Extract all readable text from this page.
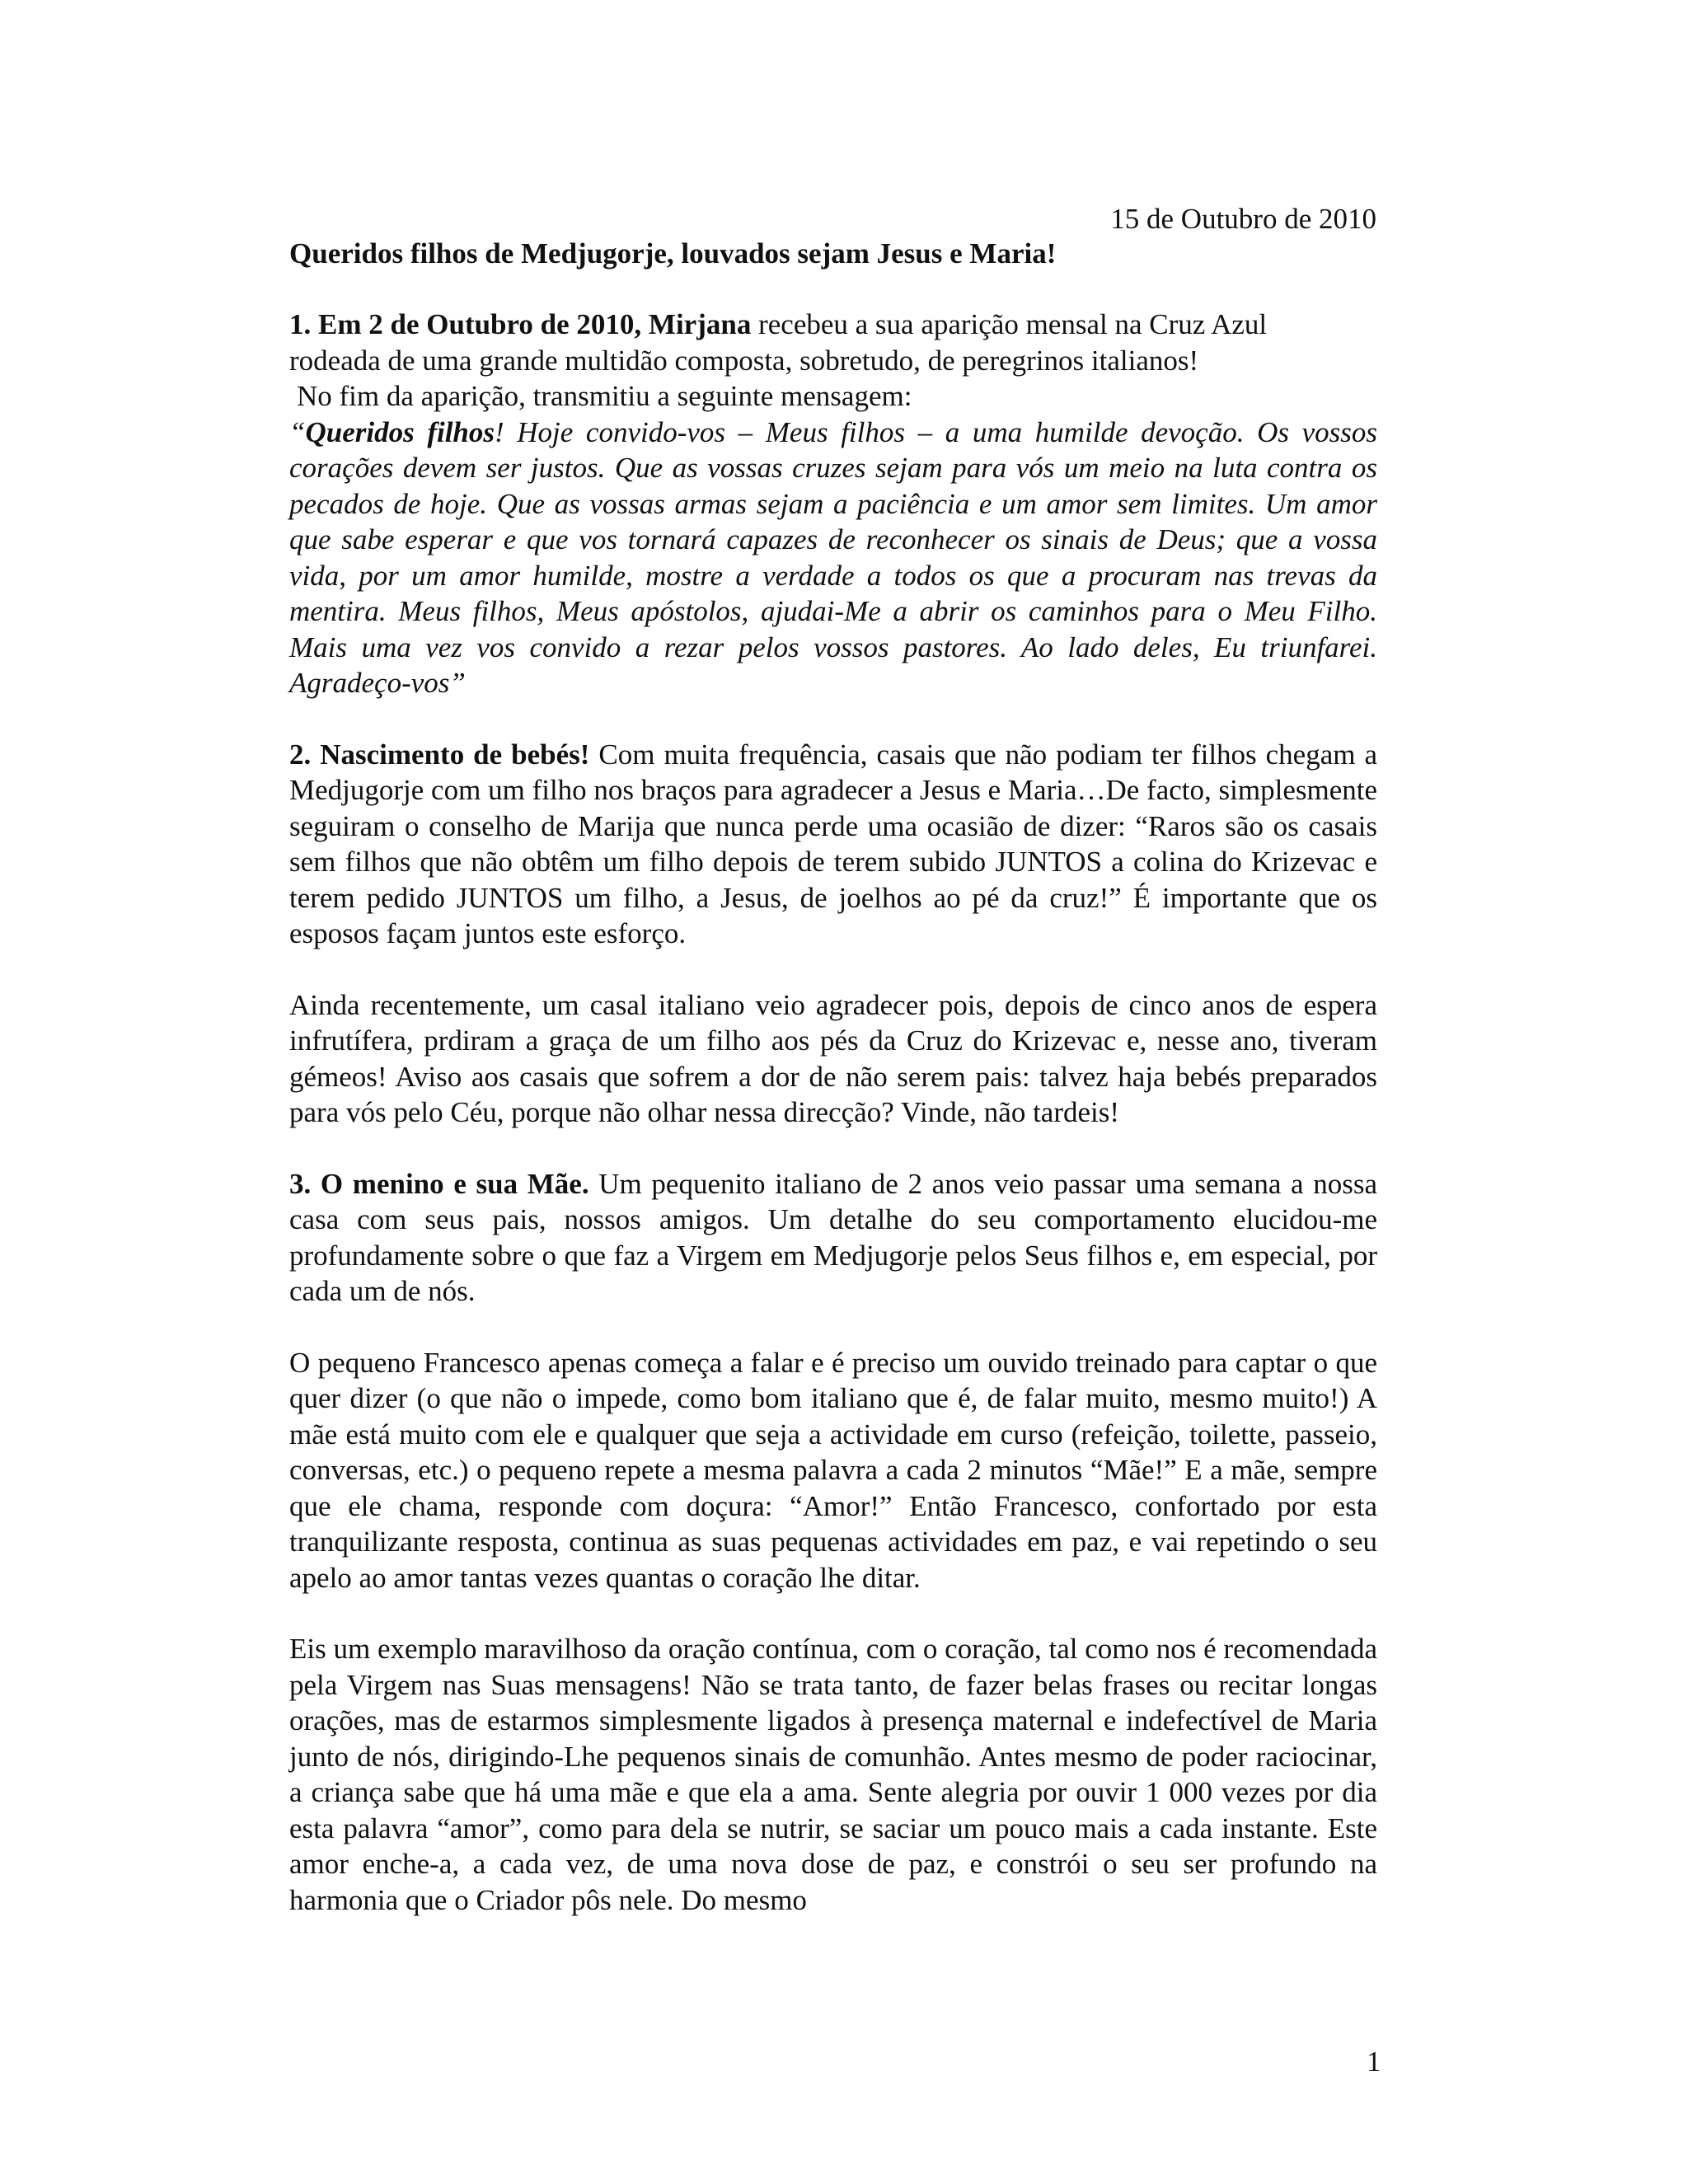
15 de Outubro de 2010
Queridos filhos de Medjugorje, louvados sejam Jesus e Maria!

1. Em 2 de Outubro de 2010, Mirjana recebeu a sua aparição mensal na Cruz Azul
rodeada de uma grande multidão composta, sobretudo, de peregrinos italianos!
No fim da aparição, transmitiu a seguinte mensagem:
“Queridos filhos! Hoje convido-vos – Meus filhos – a uma humilde devoção. Os vossos corações devem ser justos. Que as vossas cruzes sejam para vós um meio na luta contra os pecados de hoje. Que as vossas armas sejam a paciência e um amor sem limites. Um amor que sabe esperar e que vos tornará capazes de reconhecer os sinais de Deus; que a vossa vida, por um amor humilde, mostre a verdade a todos os que a procuram nas trevas da mentira. Meus filhos, Meus apóstolos, ajudai-Me a abrir os caminhos para o Meu Filho. Mais uma vez vos convido a rezar pelos vossos pastores. Ao lado deles, Eu triunfarei. Agradeço-vos”

2. Nascimento de bebés! Com muita frequência, casais que não podiam ter filhos chegam a Medjugorje com um filho nos braços para agradecer a Jesus e Maria…De facto, simplesmente seguiram o conselho de Marija que nunca perde uma ocasião de dizer: “Raros são os casais sem filhos que não obtêm um filho depois de terem subido JUNTOS a colina do Krizevac e terem pedido JUNTOS um filho, a Jesus, de joelhos ao pé da cruz!” É importante que os esposos façam juntos este esforço.

Ainda recentemente, um casal italiano veio agradecer pois, depois de cinco anos de espera infrutífera, prdiram a graça de um filho aos pés da Cruz do Krizevac e, nesse ano, tiveram gémeos! Aviso aos casais que sofrem a dor de não serem pais: talvez haja bebés preparados para vós pelo Céu, porque não olhar nessa direcção? Vinde, não tardeis!

3. O menino e sua Mãe. Um pequenito italiano de 2 anos veio passar uma semana a nossa casa com seus pais, nossos amigos. Um detalhe do seu comportamento elucidou-me profundamente sobre o que faz a Virgem em Medjugorje pelos Seus filhos e, em especial, por cada um de nós.

O pequeno Francesco apenas começa a falar e é preciso um ouvido treinado para captar o que quer dizer (o que não o impede, como bom italiano que é, de falar muito, mesmo muito!) A mãe está muito com ele e qualquer que seja a actividade em curso (refeição, toilette, passeio, conversas, etc.) o pequeno repete a mesma palavra a cada 2 minutos “Mãe!” E a mãe, sempre que ele chama, responde com doçura: “Amor!” Então Francesco, confortado por esta tranquilizante resposta, continua as suas pequenas actividades em paz, e vai repetindo o seu apelo ao amor tantas vezes quantas o coração lhe ditar.

Eis um exemplo maravilhoso da oração contínua, com o coração, tal como nos é recomendada pela Virgem nas Suas mensagens! Não se trata tanto, de fazer belas frases ou recitar longas orações, mas de estarmos simplesmente ligados à presença maternal e indefectível de Maria junto de nós, dirigindo-Lhe pequenos sinais de comunhão. Antes mesmo de poder raciocinar, a criança sabe que há uma mãe e que ela a ama. Sente alegria por ouvir 1 000 vezes por dia esta palavra “amor”, como para dela se nutrir, se saciar um pouco mais a cada instante. Este amor enche-a, a cada vez, de uma nova dose de paz, e constrói o seu ser profundo na harmonia que o Criador pôs nele. Do mesmo

1
